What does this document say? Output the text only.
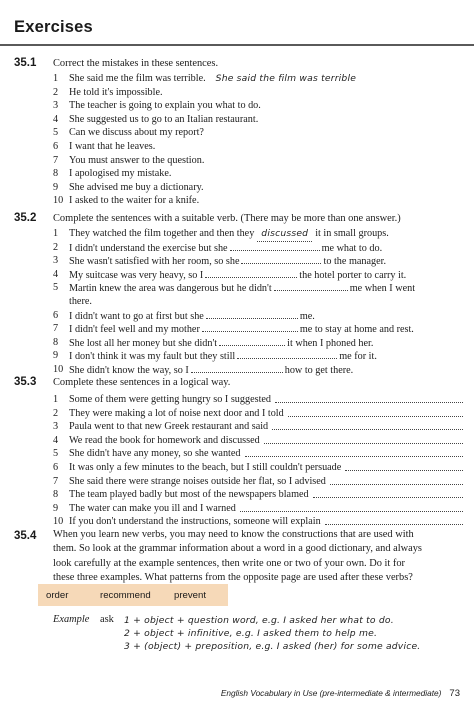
Exercises
35.1 Correct the mistakes in these sentences.
1	She said me the film was terrible. She said the film was terrible
2	He told it's impossible.
3	The teacher is going to explain you what to do.
4	She suggested us to go to an Italian restaurant.
5	Can we discuss about my report?
6	I want that he leaves.
7	You must answer to the question.
8	I apologised my mistake.
9	She advised me buy a dictionary.
10 I asked to the waiter for a knife.
35.2 Complete the sentences with a suitable verb. (There may be more than one answer.)
1	They watched the film together and then they discussed it in small groups.
2	I didn't understand the exercise but she	me what to do.
3	She wasn't satisfied with her room, so she	to the manager.
4	My suitcase was very heavy, so I	the hotel porter to carry it.
5	Martin knew the area was dangerous but he didn't	me when I went
there.
6	I didn't want to go at first but she	me.
7	I didn't feel well and my mother	me to stay at home and rest.
8	She lost all her money but she didn't	it when I phoned her.
9	I don't think it was my fault but they still	me for it.
10 She didn't know the way, so I	how to get there.
35.3 Complete these sentences in a logical way.
1	Some of them were getting hungry so I suggested
2	They were making a lot of noise next door and I told
3	Paula went to that new Greek restaurant and said
4	We read the book for homework and discussed
5	She didn't have any money, so she wanted
6	It was only a few minutes to the beach, but I still couldn't persuade
7	She said there were strange noises outside her flat, so I advised
8	The team played badly but most of the newspapers blamed
9	The water can make you ill and I warned
10 If you don't understand the instructions, someone will explain
35.4 When you learn new verbs, you may need to know the constructions that are used with
them. So look at the grammar information about a word in a good dictionary, and always
look carefully at the example sentences, then write one or two of your own. Do it for
these three examples. What patterns from the opposite page are used after these verbs?
order	recommend prevent
Example ask 1 + object + question word, e.g. I asked her what to do.
2 + object + infinitive, e.g. I asked them to help me.
3 + (object) + preposition, e.g. I asked (her) for some advice.
English Vocabulary in Use (pre-intermediate & intermediate) 73
